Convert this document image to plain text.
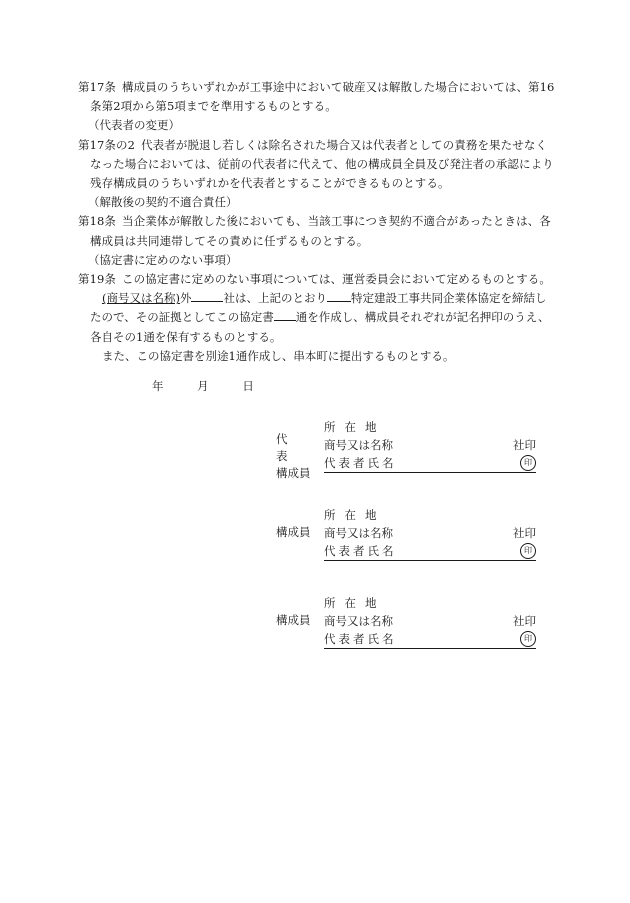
第17条 構成員のうちいずれかが工事途中において破産又は解散した場合においては、第16条第2項から第5項までを準用するものとする。

（代表者の変更）

第17条の2 代表者が脱退し若しくは除名された場合又は代表者としての責務を果たせなくなった場合においては、従前の代表者に代えて、他の構成員全員及び発注者の承認により残存構成員のうちいずれかを代表者とすることができるものとする。

（解散後の契約不適合責任）

第18条 当企業体が解散した後においても、当該工事につき契約不適合があったときは、各構成員は共同連帯してその責めに任ずるものとする。

（協定書に定めのない事項）

第19条 この協定書に定めのない事項については、運営委員会において定めるものとする。

(商号又は名称)外	社は、上記のとおり 特定建設工事共同企業体協定を締結したので、その証拠としてこの協定書 通を作成し、構成員それぞれが記名押印のうえ、各自その1通を保有するものとする。

また、この協定書を別途1通作成し、串本町に提出するものとする。

年	月	日
代表
構成員
所在地
商号又は名称	社印
代表者氏名	印
構成員
所在地
商号又は名称	社印
代表者氏名	印
構成員
所在地
商号又は名称	社印
代表者氏名	印
